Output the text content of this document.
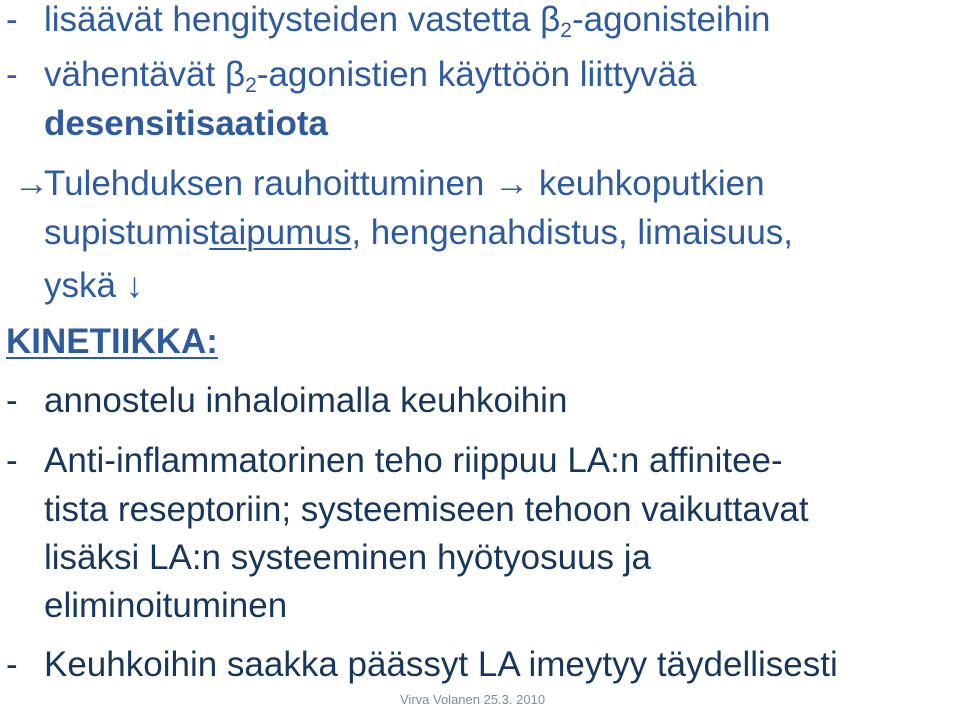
- lisäävät hengitysteiden vastetta $\beta_2$-agonisteihin
- vähentävät $\beta_2$-agonistien käyttöön liittyvää
desensitisaatiota
→Tulehduksen rauhoittuminen → keuhkoputkien
supistumistaipumus, hengenahdistus, limaisuus,
yskä ↓
KINETIIKKA:
- annostelu inhaloimalla keuhkoihin
- Anti-inflammatorinen teho riippuu LA:n affinitee-
tista reseptoriin; systeemiseen tehoon vaikuttavat
lisäksi LA:n systeeminen hyötyosuus ja
eliminoituminen
- Keuhkoihin saakka päässyt LA imeytyy täydellisesti
Virva Volanen 25.3. 2010
